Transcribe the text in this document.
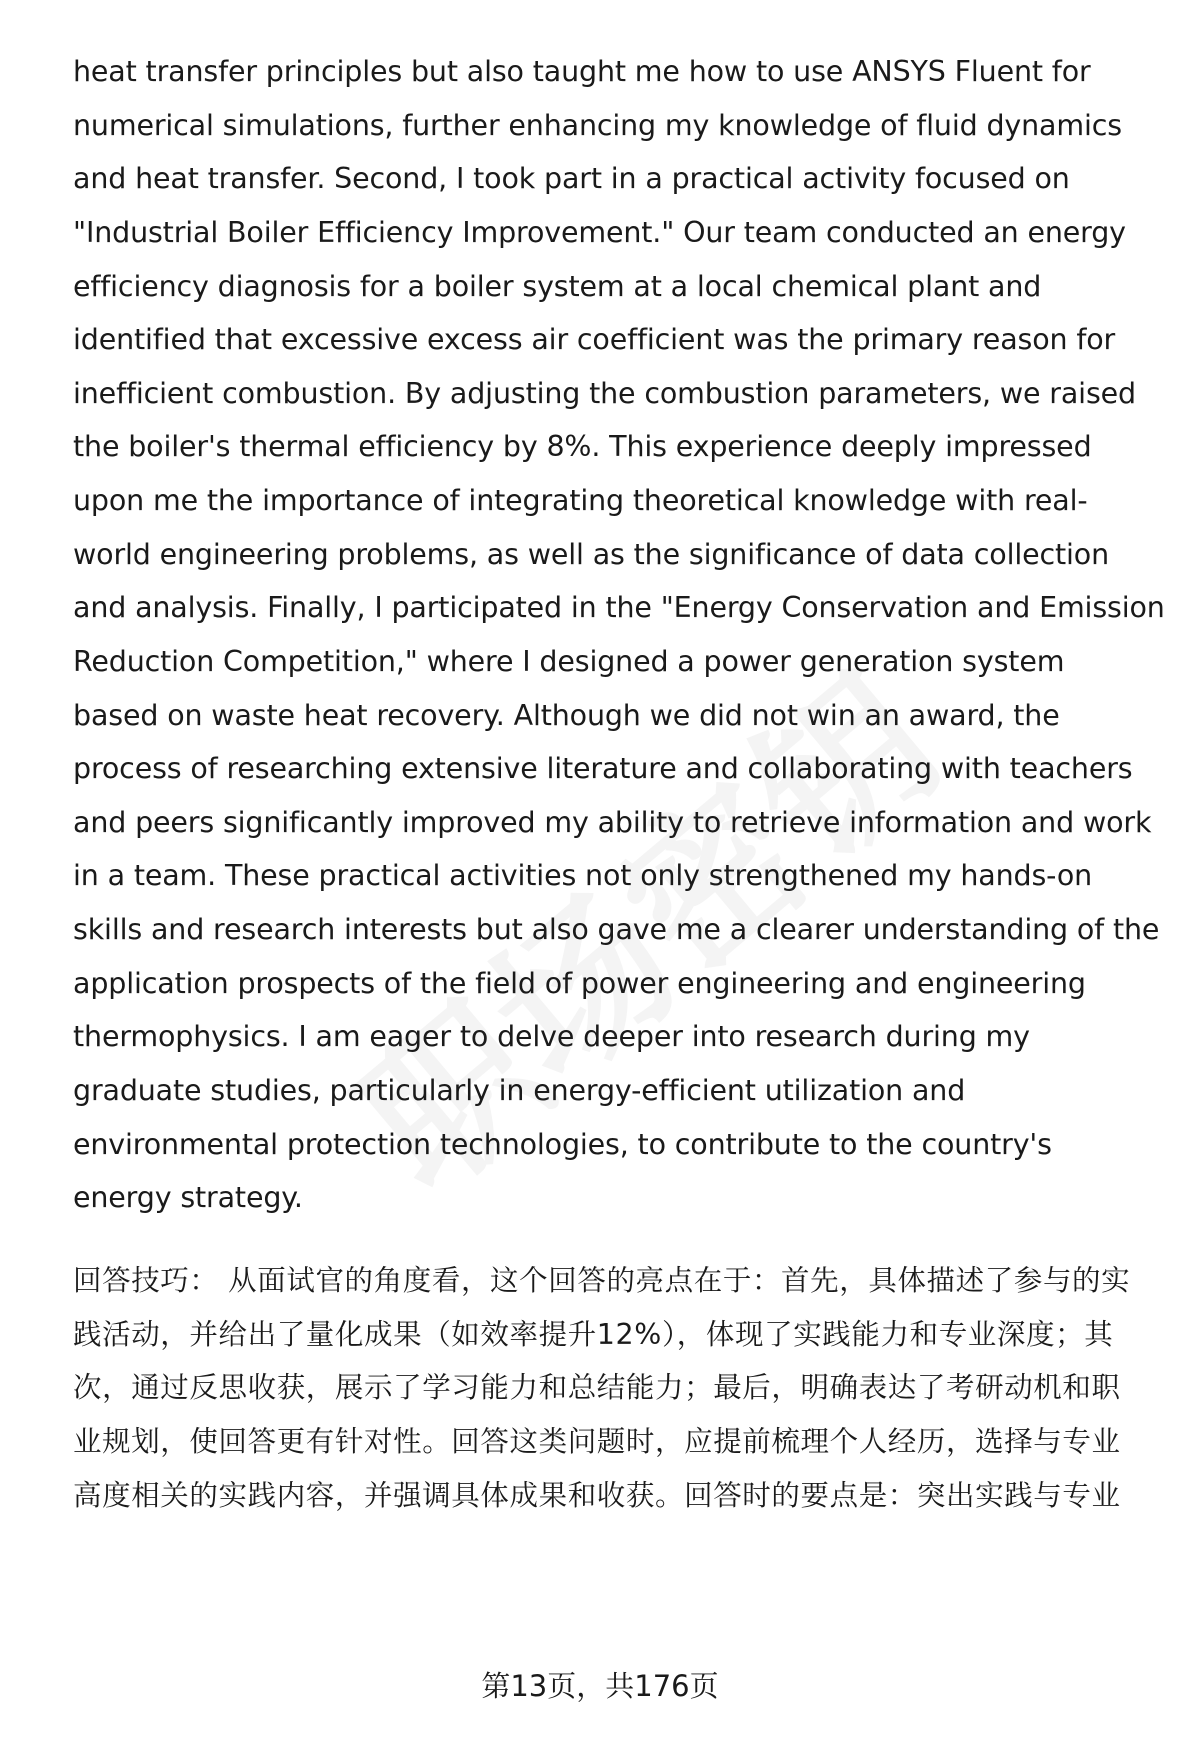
heat transfer principles but also taught me how to use ANSYS Fluent for
numerical simulations, further enhancing my knowledge of fluid dynamics
and heat transfer. Second, I took part in a practical activity focused on
"Industrial Boiler Efficiency Improvement." Our team conducted an energy
efficiency diagnosis for a boiler system at a local chemical plant and
identified that excessive excess air coefficient was the primary reason for
inefficient combustion. By adjusting the combustion parameters, we raised
the boiler's thermal efficiency by 8%. This experience deeply impressed
upon me the importance of integrating theoretical knowledge with real-
world engineering problems, as well as the significance of data collection
and analysis. Finally, I participated in the "Energy Conservation and Emission
Reduction Competition," where I designed a power generation system
based on waste heat recovery. Although we did not win an award, the
process of researching extensive literature and collaborating with teachers
and peers significantly improved my ability to retrieve information and work
in a team. These practical activities not only strengthened my hands-on
skills and research interests but also gave me a clearer understanding of the
application prospects of the field of power engineering and engineering
thermophysics. I am eager to delve deeper into research during my
graduate studies, particularly in energy-efficient utilization and
environmental protection technologies, to contribute to the country's
energy strategy.
回答技巧： 从面试官的角度看，这个回答的亮点在于：首先，具体描述了参与的实
践活动，并给出了量化成果（如效率提升12%），体现了实践能力和专业深度；其
次，通过反思收获，展示了学习能力和总结能力；最后，明确表达了考研动机和职
业规划，使回答更有针对性。回答这类问题时，应提前梳理个人经历，选择与专业
高度相关的实践内容，并强调具体成果和收获。回答时的要点是：突出实践与专业
第13页，共176页
